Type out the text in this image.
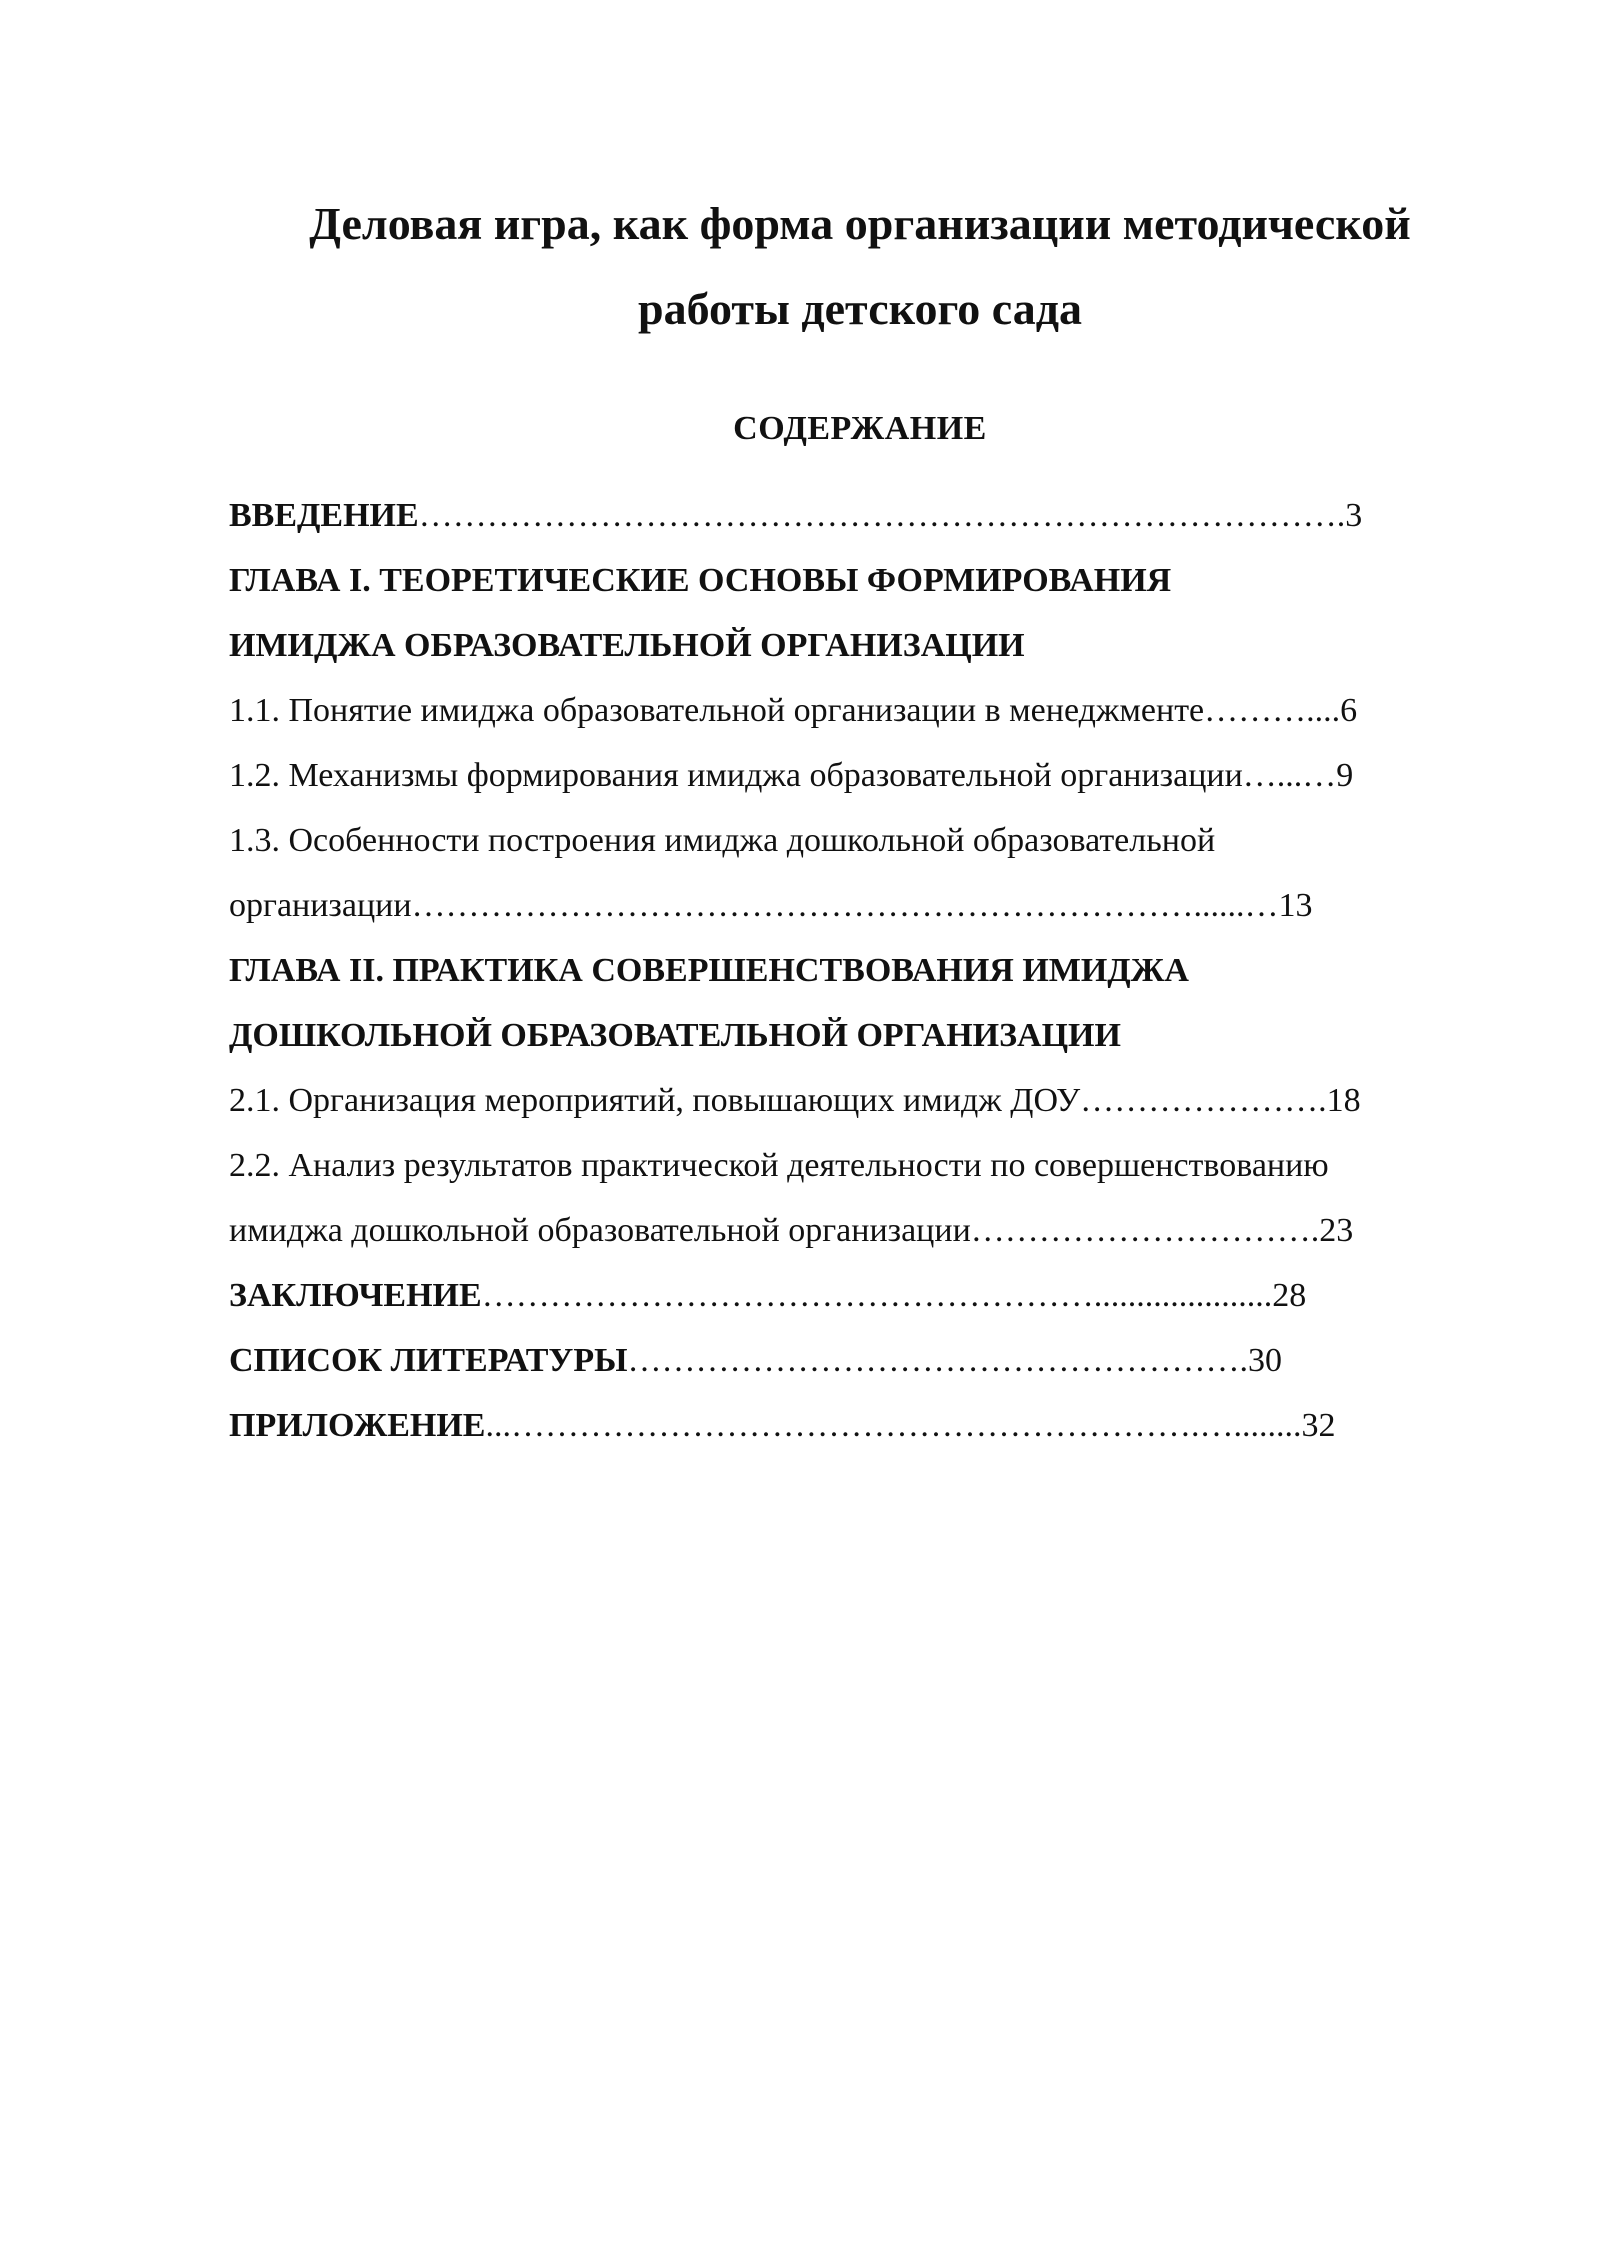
Деловая игра, как форма организации методической
работы детского сада
СОДЕРЖАНИЕ
ВВЕДЕНИЕ……………………………………………………………………….3
ГЛАВА I. ТЕОРЕТИЧЕСКИЕ ОСНОВЫ ФОРМИРОВАНИЯ
ИМИДЖА ОБРАЗОВАТЕЛЬНОЙ ОРГАНИЗАЦИИ
1.1. Понятие имиджа образовательной организации в менеджменте………....6
1.2. Механизмы формирования имиджа образовательной организации…...…9
1.3. Особенности построения имиджа дошкольной образовательной
организации……………………………………………………………......…13
ГЛАВА II. ПРАКТИКА СОВЕРШЕНСТВОВАНИЯ ИМИДЖА
ДОШКОЛЬНОЙ ОБРАЗОВАТЕЛЬНОЙ ОРГАНИЗАЦИИ
2.1. Организация мероприятий, повышающих имидж ДОУ………………….18
2.2. Анализ результатов практической деятельности по совершенствованию
имиджа дошкольной образовательной организации………………………….23
ЗАКЛЮЧЕНИЕ……………………………………………….....................28
СПИСОК ЛИТЕРАТУРЫ……………………………………………….30
ПРИЛОЖЕНИЕ...…………………………………………………….…........32
